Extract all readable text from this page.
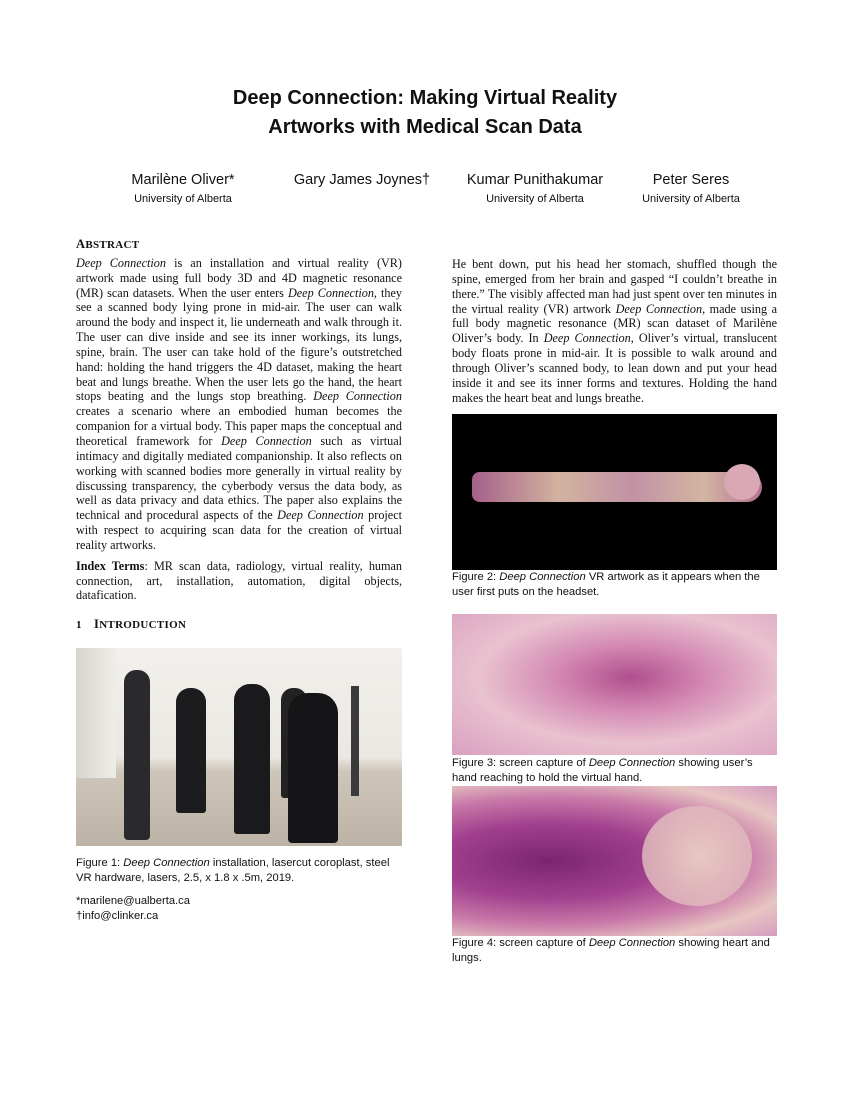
Deep Connection: Making Virtual Reality
Artworks with Medical Scan Data
Marilène Oliver*
University of Alberta
Gary James Joynes†	Kumar Punithakumar
University of Alberta
Peter Seres
University of Alberta
ABSTRACT

Deep Connection is an installation and virtual reality (VR) artwork made using full body 3D and 4D magnetic resonance (MR) scan datasets. When the user enters Deep Connection, they see a scanned body lying prone in mid-air. The user can walk around the body and inspect it, lie underneath and walk through it. The user can dive inside and see its inner workings, its lungs, spine, brain. The user can take hold of the figure’s outstretched hand: holding the hand triggers the 4D dataset, making the heart beat and lungs breathe. When the user lets go the hand, the heart stops beating and the lungs stop breathing. Deep Connection creates a scenario where an embodied human becomes the companion for a virtual body. This paper maps the conceptual and theoretical framework for Deep Connection such as virtual intimacy and digitally mediated companionship. It also reflects on working with scanned bodies more generally in virtual reality by discussing transparency, the cyberbody versus the data body, as well as data privacy and data ethics. The paper also explains the technical and procedural aspects of the Deep Connection project with respect to acquiring scan data for the creation of virtual reality artworks.

Index Terms: MR scan data, radiology, virtual reality, human connection, art, installation, automation, digital objects, datafication.

1 INTRODUCTION

Figure 1: Deep Connection installation, lasercut coroplast, steel VR hardware, lasers, 2.5, x 1.8 x .5m, 2019.

*marilene@ualberta.ca

†info@clinker.ca

He bent down, put his head her stomach, shuffled though the spine, emerged from her brain and gasped “I couldn’t breathe in there.” The visibly affected man had just spent over ten minutes in the virtual reality (VR) artwork Deep Connection, made using a full body magnetic resonance (MR) scan dataset of Marilène Oliver’s body. In Deep Connection, Oliver’s virtual, translucent body floats prone in mid-air. It is possible to walk around and through Oliver’s scanned body, to lean down and put your head inside it and see its inner forms and textures. Holding the hand makes the heart beat and lungs breathe.

Figure 2: Deep Connection VR artwork as it appears when the user first puts on the headset.

Figure 3: screen capture of Deep Connection showing user’s hand reaching to hold the virtual hand.

Figure 4: screen capture of Deep Connection showing heart and lungs.
